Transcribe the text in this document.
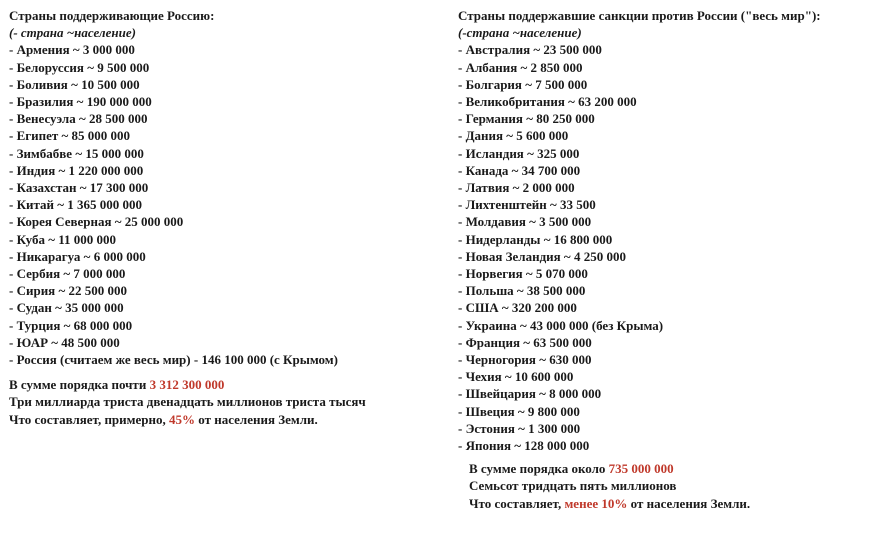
Страны поддерживающие Россию:
(- страна ~население)
- Армения ~ 3 000 000
- Белоруссия ~ 9 500 000
- Боливия ~ 10 500 000
- Бразилия ~ 190 000 000
- Венесуэла ~ 28 500 000
- Египет ~ 85 000 000
- Зимбабве ~ 15 000 000
- Индия ~ 1 220 000 000
- Казахстан ~ 17 300 000
- Китай ~ 1 365 000 000
- Корея Северная ~ 25 000 000
- Куба ~ 11 000 000
- Никарагуа ~ 6 000 000
- Сербия ~ 7 000 000
- Сирия ~ 22 500 000
- Судан ~ 35 000 000
- Турция ~ 68 000 000
- ЮАР ~ 48 500 000
- Россия (считаем же весь мир) - 146 100 000 (с Крымом)
В сумме порядка почти 3 312 300 000
Три миллиарда триста двенадцать миллионов триста тысяч
Что составляет, примерно, 45% от населения Земли.
Страны поддержавшие санкции против России ("весь мир"):
(-страна ~население)
- Австралия ~ 23 500 000
- Албания ~ 2 850 000
- Болгария ~ 7 500 000
- Великобритания ~ 63 200 000
- Германия ~ 80 250 000
- Дания ~ 5 600 000
- Исландия ~ 325 000
- Канада ~ 34 700 000
- Латвия ~ 2 000 000
- Лихтенштейн ~ 33 500
- Молдавия ~ 3 500 000
- Нидерланды ~ 16 800 000
- Новая Зеландия ~ 4 250 000
- Норвегия ~ 5 070 000
- Польша ~ 38 500 000
- США ~ 320 200 000
- Украина ~ 43 000 000 (без Крыма)
- Франция ~ 63 500 000
- Черногория ~ 630 000
- Чехия ~ 10 600 000
- Швейцария ~ 8 000 000
- Швеция ~ 9 800 000
- Эстония ~ 1 300 000
- Япония ~ 128 000 000
В сумме порядка около 735 000 000
Семьсот тридцать пять миллионов
Что составляет, менее 10% от населения Земли.
